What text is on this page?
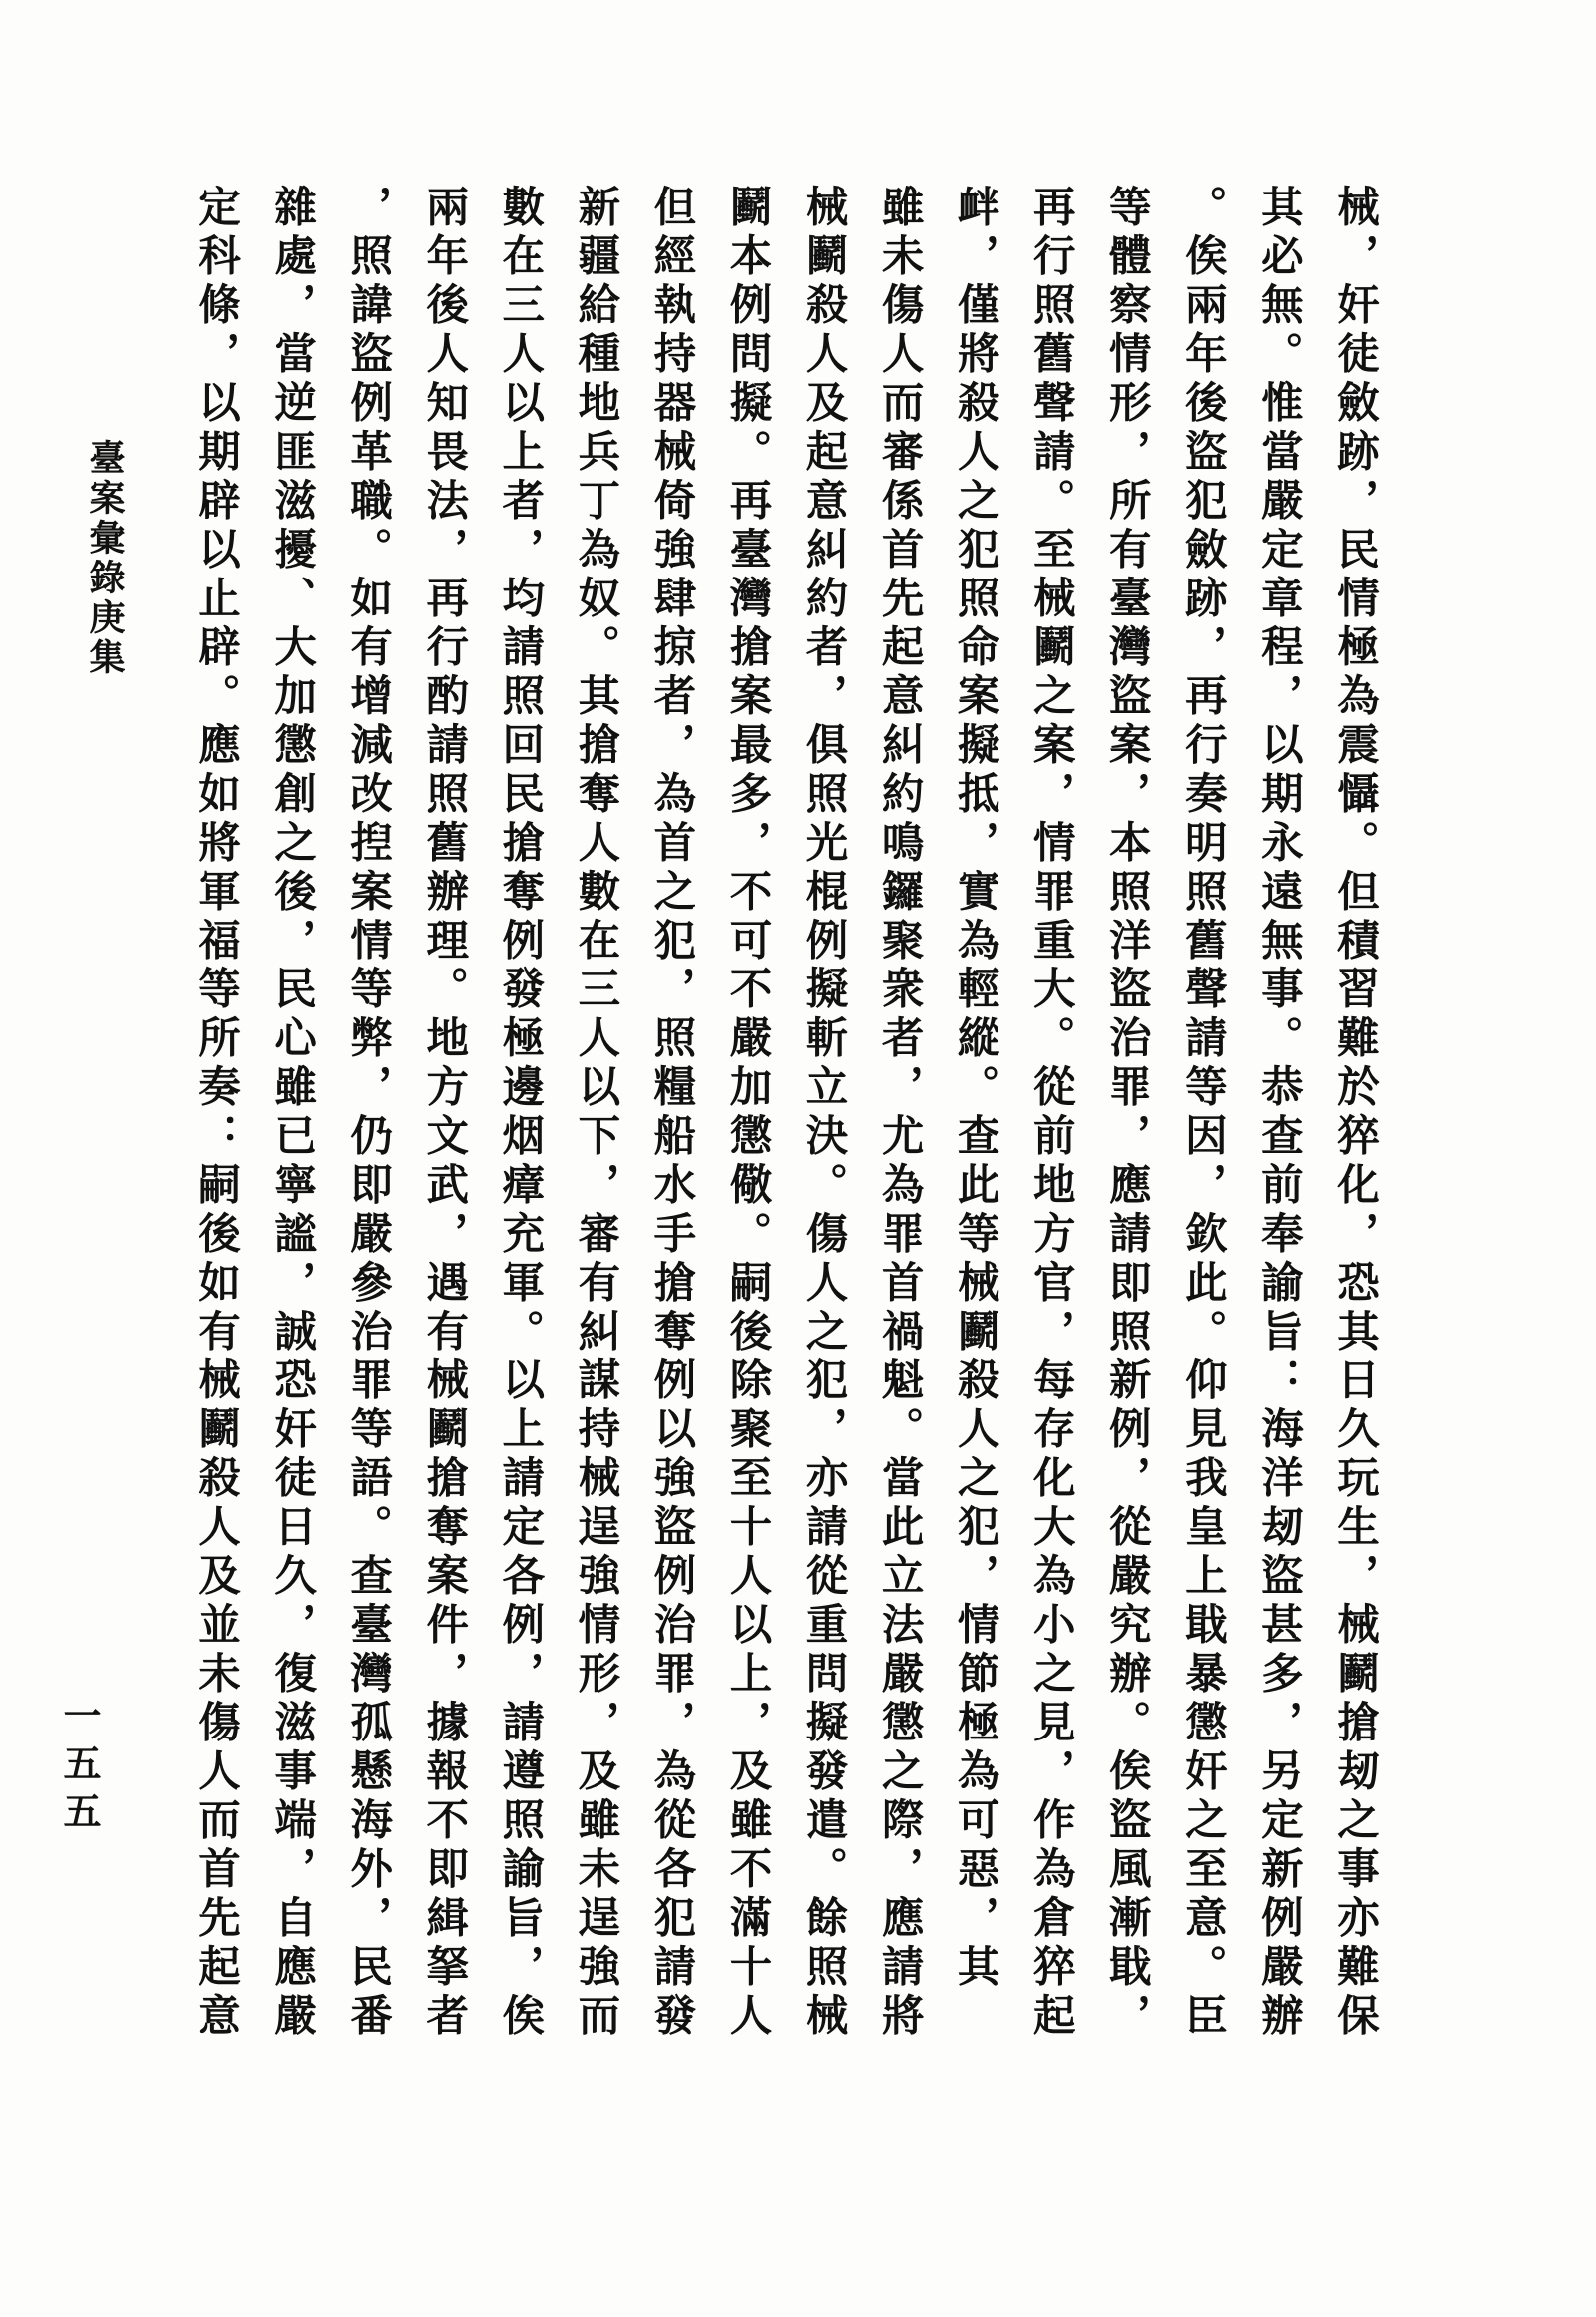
械，奸徒斂跡，民情極為震懾。但積習難於猝化，恐其日久玩生，械鬬搶刼之事亦難保
其必無。惟當嚴定章程，以期永遠無事。恭查前奉諭旨：海洋刼盜甚多，另定新例嚴辦
。俟兩年後盜犯斂跡，再行奏明照舊聲請等因，欽此。仰見我皇上戢暴懲奸之至意。臣
等體察情形，所有臺灣盜案，本照洋盜治罪，應請即照新例，從嚴究辦。俟盜風漸戢，
再行照舊聲請。至械鬬之案，情罪重大。從前地方官，每存化大為小之見，作為倉猝起
衅，僅將殺人之犯照命案擬抵，實為輕縱。查此等械鬬殺人之犯，情節極為可惡，其
雖未傷人而審係首先起意糾約鳴鑼聚衆者，尤為罪首禍魁。當此立法嚴懲之際，應請將
械鬬殺人及起意糾約者，俱照光棍例擬斬立決。傷人之犯，亦請從重問擬發遣。餘照械
鬬本例問擬。再臺灣搶案最多，不可不嚴加懲儆。嗣後除聚至十人以上，及雖不滿十人
但經執持器械倚強肆掠者，為首之犯，照糧船水手搶奪例以強盜例治罪，為從各犯請發
新疆給種地兵丁為奴。其搶奪人數在三人以下，審有糾謀持械逞強情形，及雖未逞強而
數在三人以上者，均請照回民搶奪例發極邊烟瘴充軍。以上請定各例，請遵照諭旨，俟
兩年後人知畏法，再行酌請照舊辦理。地方文武，遇有械鬬搶奪案件，據報不即緝拏者
，照諱盜例革職。如有增減改揑案情等弊，仍即嚴參治罪等語。查臺灣孤懸海外，民番
雜處，當逆匪滋擾、大加懲創之後，民心雖已寧謐，誠恐奸徒日久，復滋事端，自應嚴
定科條，以期辟以止辟。應如將軍福等所奏：嗣後如有械鬬殺人及並未傷人而首先起意
臺案彙錄庚集
一五五
